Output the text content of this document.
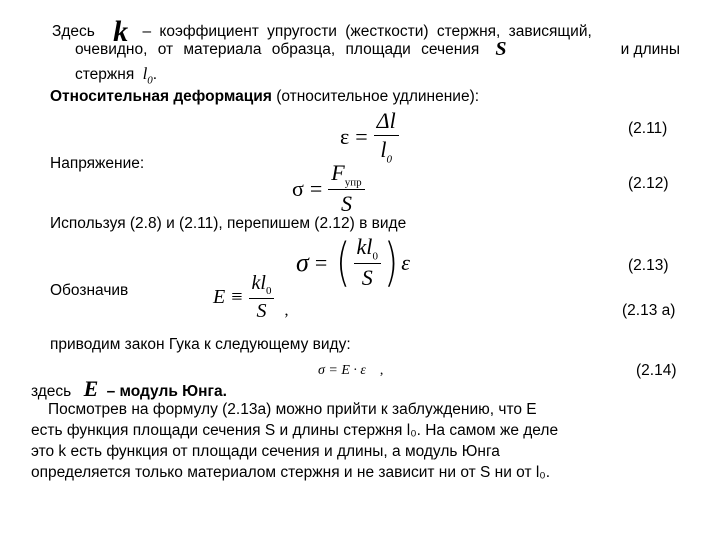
Здесь k – коэффициент упругости (жесткости) стержня, зависящий,
очевидно, от материала образца, площади сечения S	и длины
стержня $l_0$.
Относительная деформация (относительное удлинение):
$\varepsilon = \frac{\Delta l}{l_0}$	(2.11)
Напряжение:
$\sigma = \frac{F_{упр}}{S}$	(2.12)
Используя (2.8) и (2.11), перепишем (2.12) в виде
σ = ( $\frac{kl_0}{S}$ ) ε	(2.13)
Обозначив	$E \equiv \frac{kl_0}{S}$ ,	(2.13 а)
приводим закон Гука к следующему виду:
σ = E · ε ,	(2.14)
здесь E – модуль Юнга.
Посмотрев на формулу (2.13а) можно прийти к заблуждению, что E
есть функция площади сечения S и длины стержня l₀. На самом же деле
это k есть функция от площади сечения и длины, а модуль Юнга
определяется только материалом стержня и не зависит ни от S ни от l₀.
